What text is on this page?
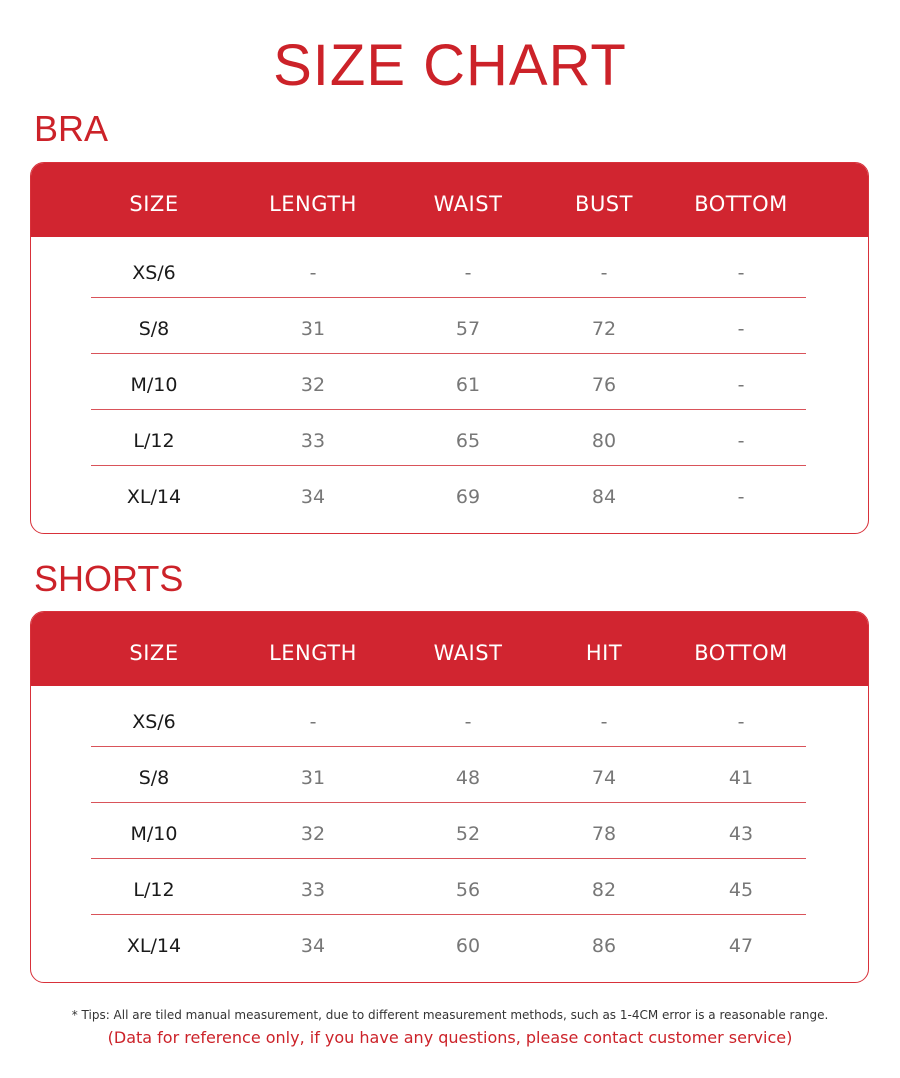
SIZE CHART
BRA
SIZE	LENGTH	WAIST	BUST	BOTTOM
XS/6	-	-	-	-
S/8	31	57	72	-
M/10	32	61	76	-
L/12	33	65	80	-
XL/14	34	69	84	-
SHORTS
SIZE	LENGTH	WAIST	HIT	BOTTOM
XS/6	-	-	-	-
S/8	31	48	74	41
M/10	32	52	78	43
L/12	33	56	82	45
XL/14	34	60	86	47
* Tips: All are tiled manual measurement, due to different measurement methods, such as 1-4CM error is a reasonable range.
(Data for reference only, if you have any questions, please contact customer service)
